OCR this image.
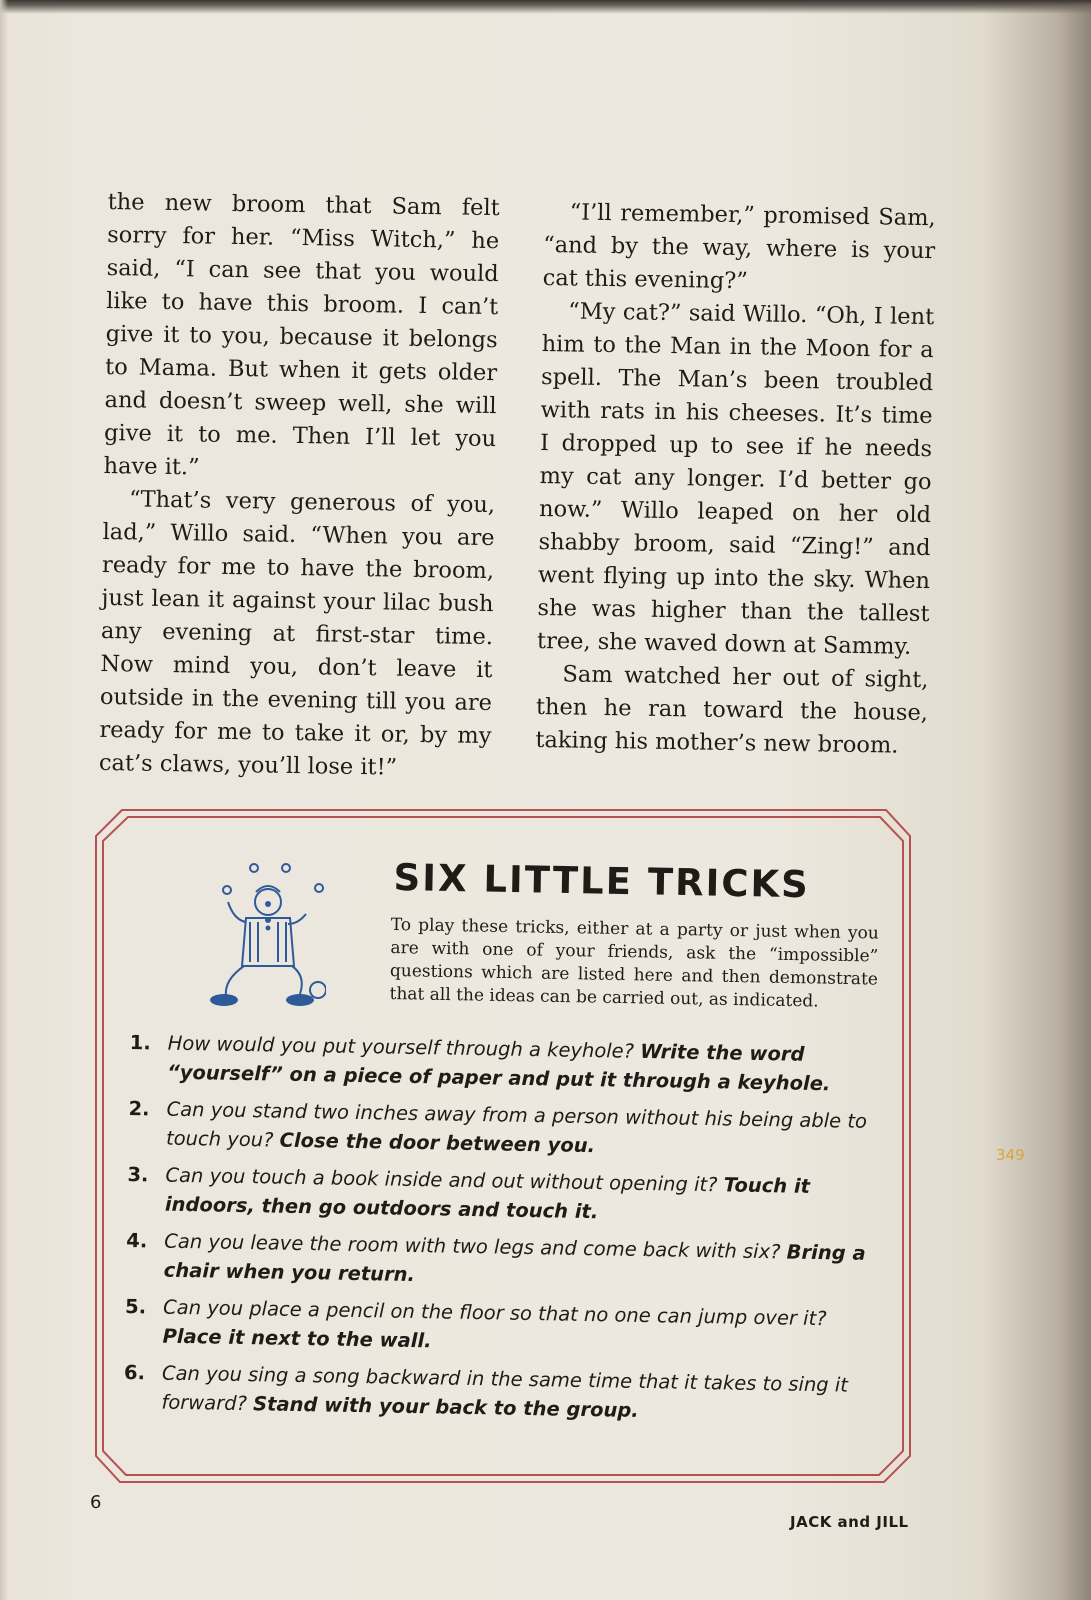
the new broom that Sam felt sorry for her. “Miss Witch,” he said, “I can see that you would like to have this broom. I can’t give it to you, because it belongs to Mama. But when it gets older and doesn’t sweep well, she will give it to me. Then I’ll let you have it.”

“That’s very generous of you, lad,” Willo said. “When you are ready for me to have the broom, just lean it against your lilac bush any evening at first-star time. Now mind you, don’t leave it outside in the evening till you are ready for me to take it or, by my cat’s claws, you’ll lose it!”

“I’ll remember,” promised Sam, “and by the way, where is your cat this evening?”

“My cat?” said Willo. “Oh, I lent him to the Man in the Moon for a spell. The Man’s been troubled with rats in his cheeses. It’s time I dropped up to see if he needs my cat any longer. I’d better go now.” Willo leaped on her old shabby broom, said “Zing!” and went flying up into the sky. When she was higher than the tallest tree, she waved down at Sammy.

Sam watched her out of sight, then he ran toward the house, taking his mother’s new broom.

SIX LITTLE TRICKS
To play these tricks, either at a party or just when you are with one of your friends, ask the “impossible” questions which are listed here and then demonstrate that all the ideas can be carried out, as indicated.
1. How would you put yourself through a keyhole? Write the word “yourself” on a piece of paper and put it through a keyhole.
2. Can you stand two inches away from a person without his being able to touch you? Close the door between you.
3. Can you touch a book inside and out without opening it? Touch it indoors, then go outdoors and touch it.
4. Can you leave the room with two legs and come back with six? Bring a chair when you return.
5. Can you place a pencil on the floor so that no one can jump over it? Place it next to the wall.
6. Can you sing a song backward in the same time that it takes to sing it forward? Stand with your back to the group.
349
6
JACK and JILL
